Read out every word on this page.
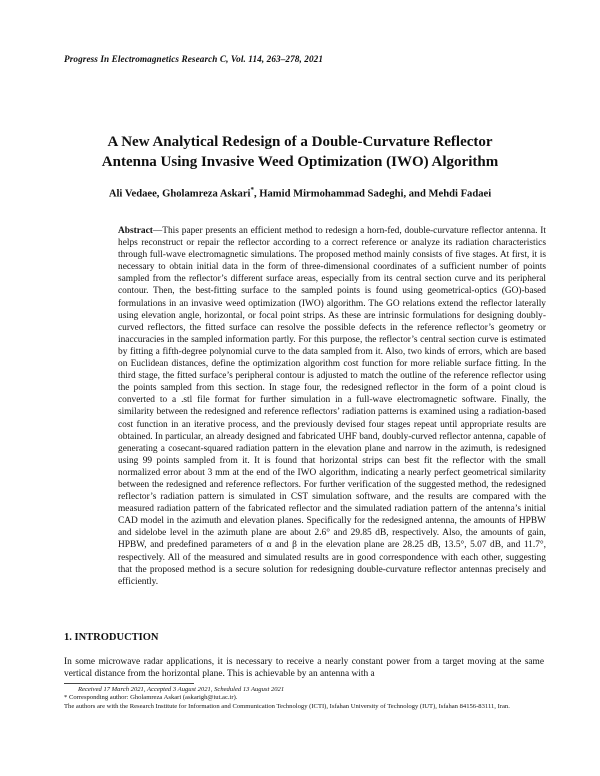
Progress In Electromagnetics Research C, Vol. 114, 263–278, 2021
A New Analytical Redesign of a Double-Curvature Reflector
Antenna Using Invasive Weed Optimization (IWO) Algorithm
Ali Vedaee, Gholamreza Askari*, Hamid Mirmohammad Sadeghi, and Mehdi Fadaei
Abstract—This paper presents an efficient method to redesign a horn-fed, double-curvature reflector antenna. It helps reconstruct or repair the reflector according to a correct reference or analyze its radiation characteristics through full-wave electromagnetic simulations. The proposed method mainly consists of five stages. At first, it is necessary to obtain initial data in the form of three-dimensional coordinates of a sufficient number of points sampled from the reflector’s different surface areas, especially from its central section curve and its peripheral contour. Then, the best-fitting surface to the sampled points is found using geometrical-optics (GO)-based formulations in an invasive weed optimization (IWO) algorithm. The GO relations extend the reflector laterally using elevation angle, horizontal, or focal point strips. As these are intrinsic formulations for designing doubly-curved reflectors, the fitted surface can resolve the possible defects in the reference reflector’s geometry or inaccuracies in the sampled information partly. For this purpose, the reflector’s central section curve is estimated by fitting a fifth-degree polynomial curve to the data sampled from it. Also, two kinds of errors, which are based on Euclidean distances, define the optimization algorithm cost function for more reliable surface fitting. In the third stage, the fitted surface’s peripheral contour is adjusted to match the outline of the reference reflector using the points sampled from this section. In stage four, the redesigned reflector in the form of a point cloud is converted to a .stl file format for further simulation in a full-wave electromagnetic software. Finally, the similarity between the redesigned and reference reflectors’ radiation patterns is examined using a radiation-based cost function in an iterative process, and the previously devised four stages repeat until appropriate results are obtained. In particular, an already designed and fabricated UHF band, doubly-curved reflector antenna, capable of generating a cosecant-squared radiation pattern in the elevation plane and narrow in the azimuth, is redesigned using 99 points sampled from it. It is found that horizontal strips can best fit the reflector with the small normalized error about 3 mm at the end of the IWO algorithm, indicating a nearly perfect geometrical similarity between the redesigned and reference reflectors. For further verification of the suggested method, the redesigned reflector’s radiation pattern is simulated in CST simulation software, and the results are compared with the measured radiation pattern of the fabricated reflector and the simulated radiation pattern of the antenna’s initial CAD model in the azimuth and elevation planes. Specifically for the redesigned antenna, the amounts of HPBW and sidelobe level in the azimuth plane are about 2.6° and 29.85 dB, respectively. Also, the amounts of gain, HPBW, and predefined parameters of α and β in the elevation plane are 28.25 dB, 13.5°, 5.07 dB, and 11.7°, respectively. All of the measured and simulated results are in good correspondence with each other, suggesting that the proposed method is a secure solution for redesigning double-curvature reflector antennas precisely and efficiently.
1. INTRODUCTION
In some microwave radar applications, it is necessary to receive a nearly constant power from a target moving at the same vertical distance from the horizontal plane. This is achievable by an antenna with a
Received 17 March 2021, Accepted 3 August 2021, Scheduled 13 August 2021
* Corresponding author: Gholamreza Askari (askarigh@iut.ac.ir).
The authors are with the Research Institute for Information and Communication Technology (ICTI), Isfahan University of Technology (IUT), Isfahan 84156-83111, Iran.
